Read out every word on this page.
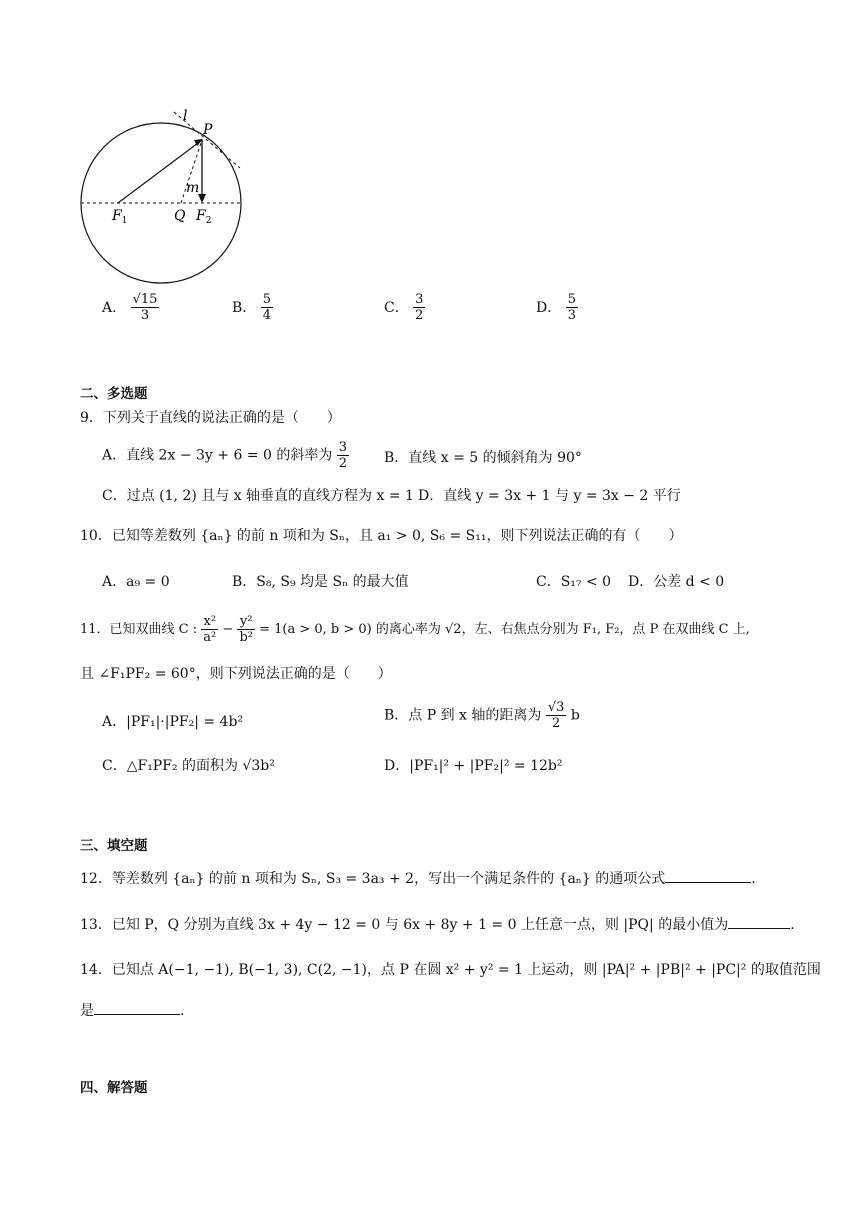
l
P
m
$F_1$	Q $F_2$
A． $\frac{√15}{3}$	B． $\frac{5}{4}$	C． $\frac{3}{2}$	D． $\frac{5}{3}$
二、多选题
9．下列关于直线的说法正确的是（　　）
A．直线 2x − 3y + 6 = 0 的斜率为 $\frac{3}{2}$ B．直线 x = 5 的倾斜角为 90°
C．过点 (1, 2) 且与 x 轴垂直的直线方程为 x = 1 D．直线 y = 3x + 1 与 y = 3x − 2 平行
10．已知等差数列 {aₙ} 的前 n 项和为 Sₙ，且 a₁ > 0, S₆ = S₁₁，则下列说法正确的有（　　）
A．a₉ = 0	B．S₈, S₉ 均是 Sₙ 的最大值	C．S₁₇ < 0 D．公差 d < 0
11．已知双曲线 C : $\frac{\text{x²}}{\text{a²}} - \frac{\text{y²}}{\text{b²}} = 1(a > 0$, b > 0) 的离心率为 √2，左、右焦点分别为 F₁, F₂，点 P 在双曲线 C 上,
且 ∠F₁PF₂ = 60°，则下列说法正确的是（　　）
A．|PF₁|·|PF₂| = 4b²	B．点 P 到 x 轴的距离为 $\frac{√3}{2}$ b
C．△F₁PF₂ 的面积为 √3b²	D．|PF₁|² + |PF₂|² = 12b²
三、填空题
12．等差数列 {aₙ} 的前 n 项和为 Sₙ, S₃ = 3a₃ + 2，写出一个满足条件的 {aₙ} 的通项公式	.
13．已知 P，Q 分别为直线 3x + 4y − 12 = 0 与 6x + 8y + 1 = 0 上任意一点，则 |PQ| 的最小值为	.
14．已知点 A(−1, −1), B(−1, 3), C(2, −1)，点 P 在圆 x² + y² = 1 上运动，则 |PA|² + |PB|² + |PC|² 的取值范围
是	.
四、解答题
